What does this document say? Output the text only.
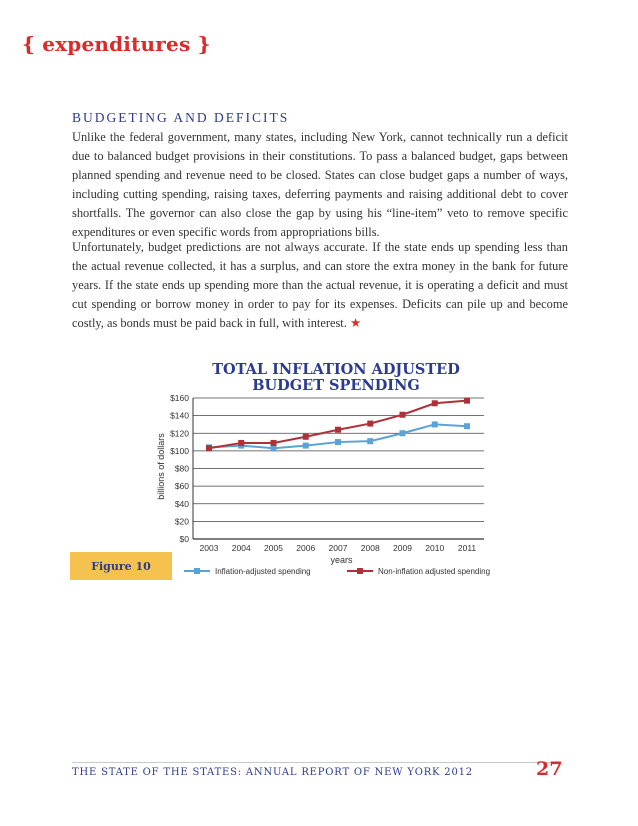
{ expenditures }
BUDGETING AND DEFICITS

Unlike the federal government, many states, including New York, cannot technically run a deficit due to balanced budget provisions in their constitutions. To pass a balanced budget, gaps between planned spending and revenue need to be closed. States can close budget gaps a number of ways, including cutting spending, raising taxes, deferring payments and raising additional debt to cover shortfalls. The governor can also close the gap by using his “line-item” veto to remove specific expenditures or even specific words from appropriations bills.

Unfortunately, budget predictions are not always accurate. If the state ends up spending less than the actual revenue collected, it has a surplus, and can store the extra money in the bank for future years. If the state ends up spending more than the actual revenue, it is operating a deficit and must cut spending or borrow money in order to pay for its expenses. Deficits can pile up and become costly, as bonds must be paid back in full, with interest. ★

TOTAL INFLATION ADJUSTED
BUDGET SPENDING
$0
$20
$40
$60
$80
$100
$120
$140
$160
2003 2004 2005 2006 2007 2008 2009 2010 2011
years
billions of dollars
Inflation-adjusted spending	Non-inflation adjusted spending
Figure 10
THE STATE OF THE STATES: ANNUAL REPORT OF NEW YORK 2012	27
